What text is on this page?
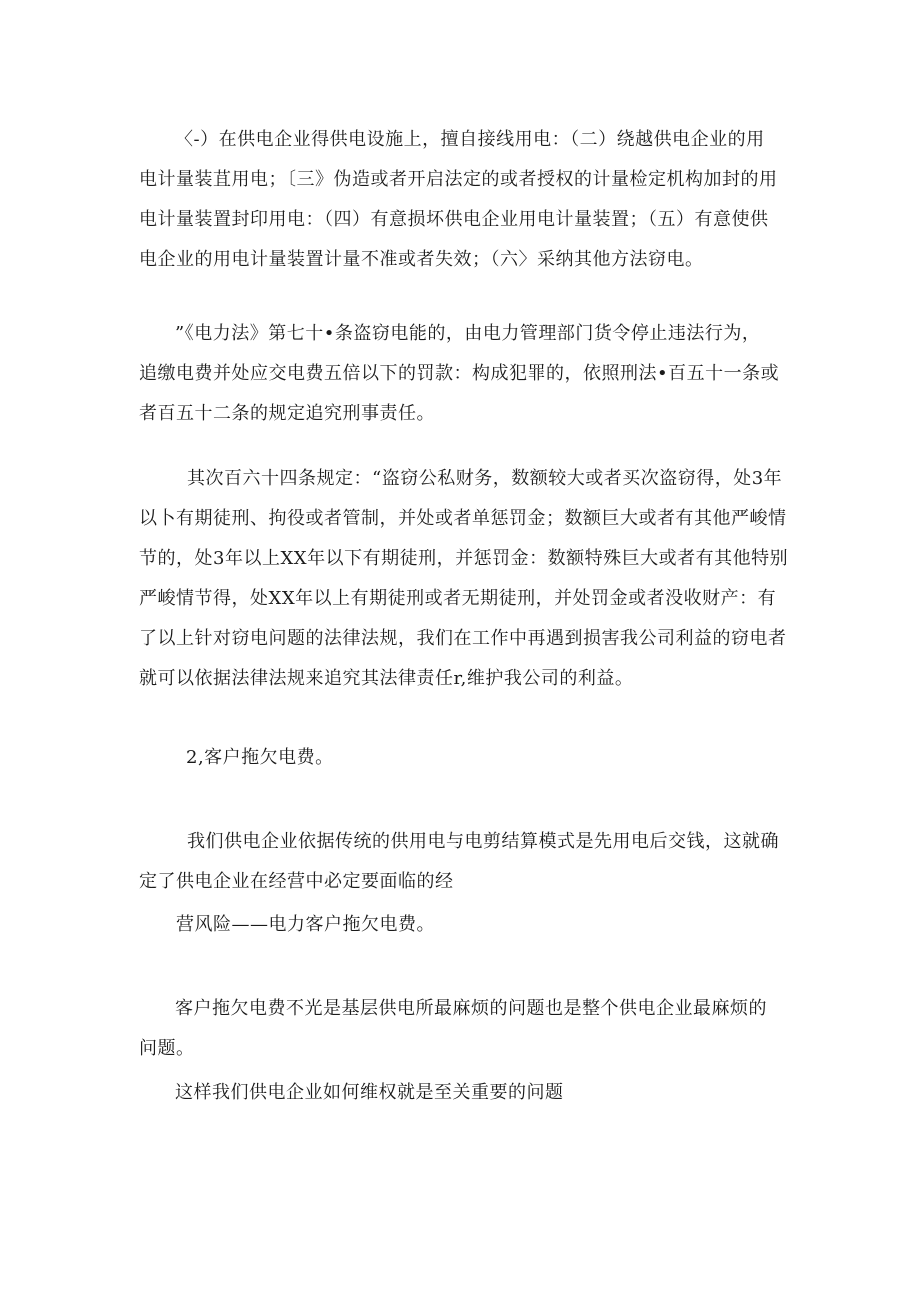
〈-）在供电企业得供电设施上，擅自接线用电：（二）绕越供电企业的用
电计量装苴用电；〔三》伪造或者开启法定的或者授权的计量检定机构加封的用
电计量装置封印用电：（四）有意损坏供电企业用电计量装置；（五）有意使供
电企业的用电计量装置计量不准或者失效；（六〉采纳其他方法窃电。
”《电力法》第七十•条盗窃电能的，由电力管理部门货令停止违法行为，
追缴电费并处应交电费五倍以下的罚款：构成犯罪的，依照刑法•百五十一条或
者百五十二条的规定追究刑事责任。
其次百六十四条规定：“盗窃公私财务，数额较大或者买次盗窃得，处3年
以卜有期徒刑、拘役或者管制，并处或者单惩罚金；数额巨大或者有其他严峻情
节的，处3年以上XX年以下有期徒刑，并惩罚金：数额特殊巨大或者有其他特别
严峻情节得，处XX年以上有期徒刑或者无期徒刑，并处罚金或者没收财产：有
了以上针对窃电问题的法律法规，我们在工作中再遇到损害我公司利益的窃电者
就可以依据法律法规来追究其法律责任r,维护我公司的利益。
2,客户拖欠电费。
我们供电企业依据传统的供用电与电剪结算模式是先用电后交钱，这就确
定了供电企业在经营中必定要面临的经
营风险——电力客户拖欠电费。
客户拖欠电费不光是基层供电所最麻烦的问题也是整个供电企业最麻烦的
问题。
这样我们供电企业如何维权就是至关重要的问题
